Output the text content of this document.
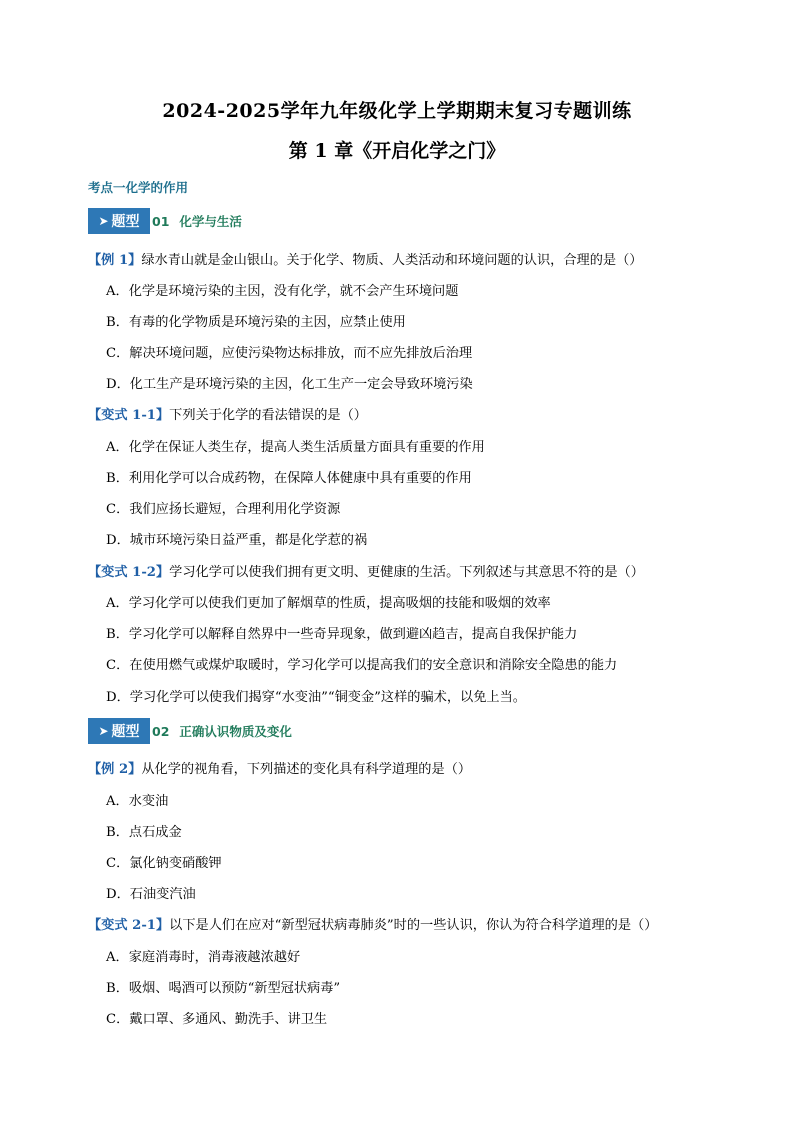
2024-2025学年九年级化学上学期期末复习专题训练
第 1 章《开启化学之门》
考点一化学的作用
➤ 题型 01 化学与生活
【例 1】绿水青山就是金山银山。关于化学、物质、人类活动和环境问题的认识，合理的是（）
A．化学是环境污染的主因，没有化学，就不会产生环境问题
B．有毒的化学物质是环境污染的主因，应禁止使用
C．解决环境问题，应使污染物达标排放，而不应先排放后治理
D．化工生产是环境污染的主因，化工生产一定会导致环境污染
【变式 1-1】下列关于化学的看法错误的是（）
A．化学在保证人类生存，提高人类生活质量方面具有重要的作用
B．利用化学可以合成药物，在保障人体健康中具有重要的作用
C．我们应扬长避短，合理利用化学资源
D．城市环境污染日益严重，都是化学惹的祸
【变式 1-2】学习化学可以使我们拥有更文明、更健康的生活。下列叙述与其意思不符的是（）
A．学习化学可以使我们更加了解烟草的性质，提高吸烟的技能和吸烟的效率
B．学习化学可以解释自然界中一些奇异现象，做到避凶趋吉，提高自我保护能力
C．在使用燃气或煤炉取暖时，学习化学可以提高我们的安全意识和消除安全隐患的能力
D．学习化学可以使我们揭穿“水变油”“铜变金”这样的骗术，以免上当。
➤ 题型 02 正确认识物质及变化
【例 2】从化学的视角看，下列描述的变化具有科学道理的是（）
A．水变油
B．点石成金
C．氯化钠变硝酸钾
D．石油变汽油
【变式 2-1】以下是人们在应对“新型冠状病毒肺炎”时的一些认识，你认为符合科学道理的是（）
A．家庭消毒时，消毒液越浓越好
B．吸烟、喝酒可以预防“新型冠状病毒”
C．戴口罩、多通风、勤洗手、讲卫生
